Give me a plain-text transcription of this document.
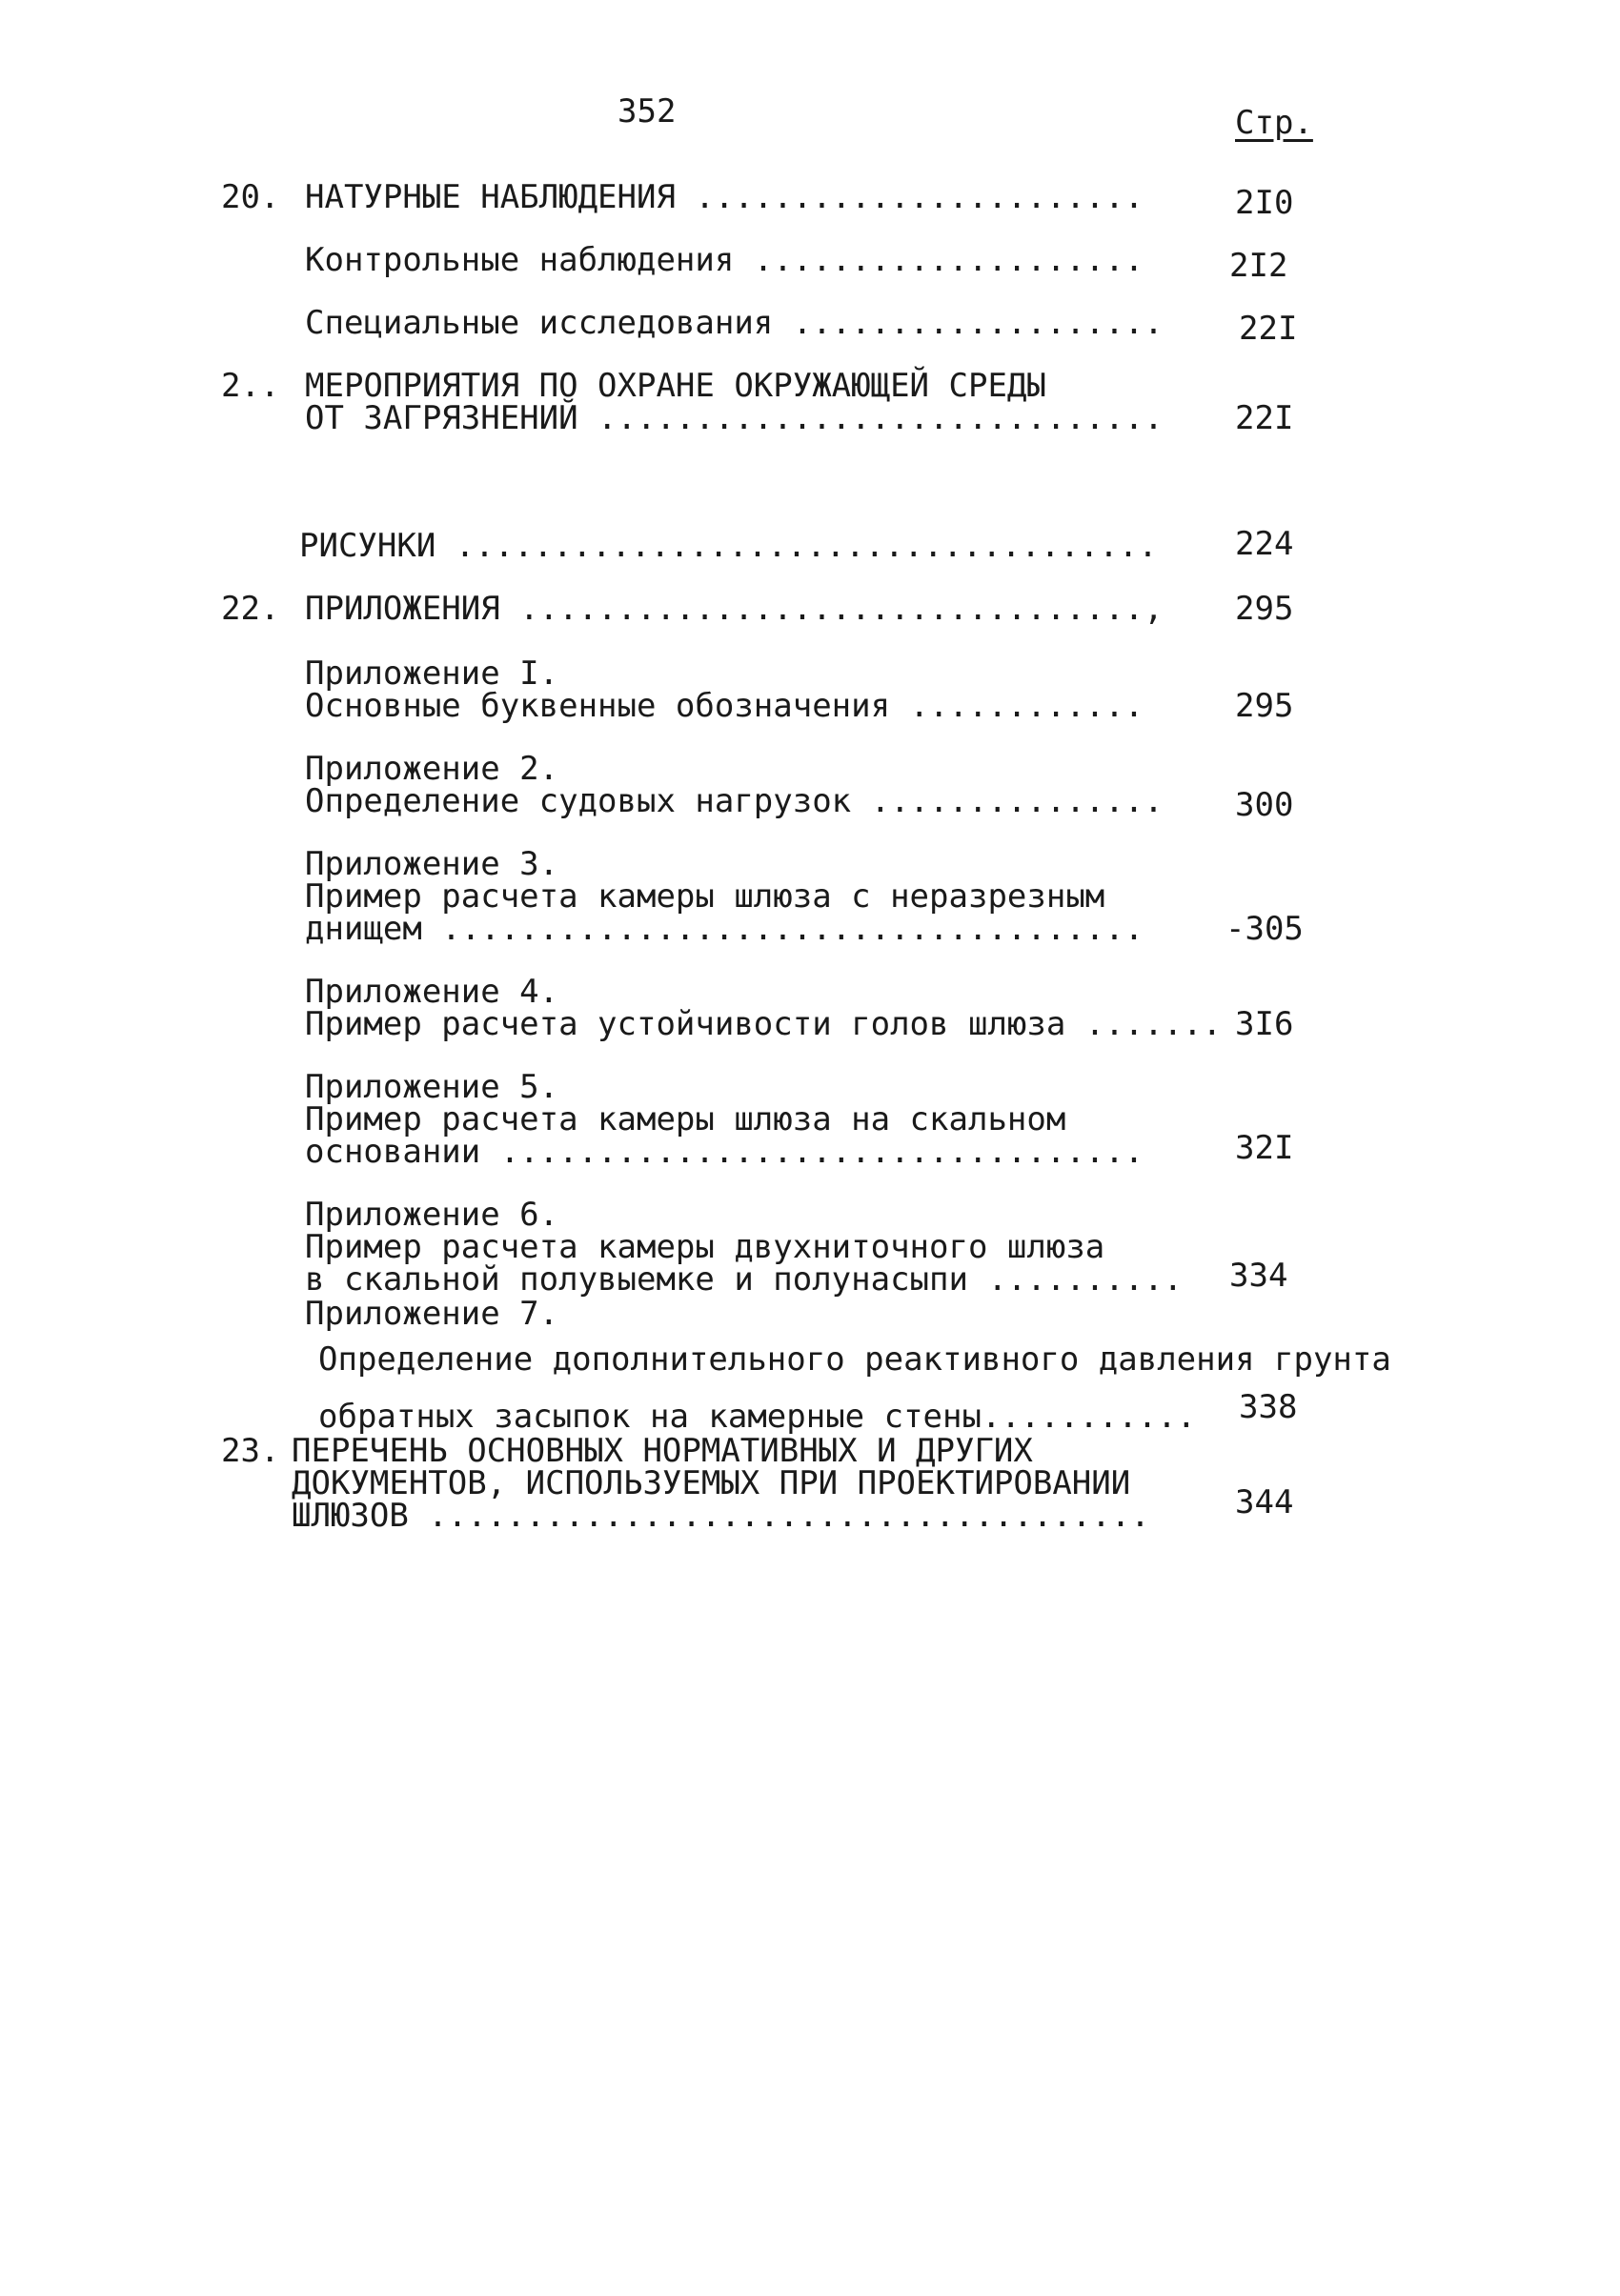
352	Стр.
20. НАТУРНЫЕ НАБЛЮДЕНИЯ .......................	2I0
Контрольные наблюдения ....................	2I2
Специальные исследования ................... 22I
2.. МЕРОПРИЯТИЯ ПО ОХРАНЕ ОКРУЖАЮЩЕЙ СРЕДЫ
ОТ ЗАГРЯЗНЕНИЙ ............................. 22I
РИСУНКИ .................................... 224
22. ПРИЛОЖЕНИЯ ................................, 295
Приложение I.
Основные буквенные обозначения ............	295
Приложение 2.
Определение судовых нагрузок ............... 300
Приложение 3.
Пример расчета камеры шлюза с неразрезным
днищем ....................................	-305
Приложение 4.
Пример расчета устойчивости голов шлюза ....... 3I6
Приложение 5.
Пример расчета камеры шлюза на скальном
основании .................................	32I
Приложение 6.
Пример расчета камеры двухниточного шлюза
в скальной полувыемке и полунасыпи .......... 334
Приложение 7.
Определение дополнительного реактивного давления грунта
обратных засыпок на камерные стены........... 338
23. ПЕРЕЧЕНЬ ОСНОВНЫХ НОРМАТИВНЫХ И ДРУГИХ
ДОКУМЕНТОВ, ИСПОЛЬЗУЕМЫХ ПРИ ПРОЕКТИРОВАНИИ
ШЛЮЗОВ .....................................	344
